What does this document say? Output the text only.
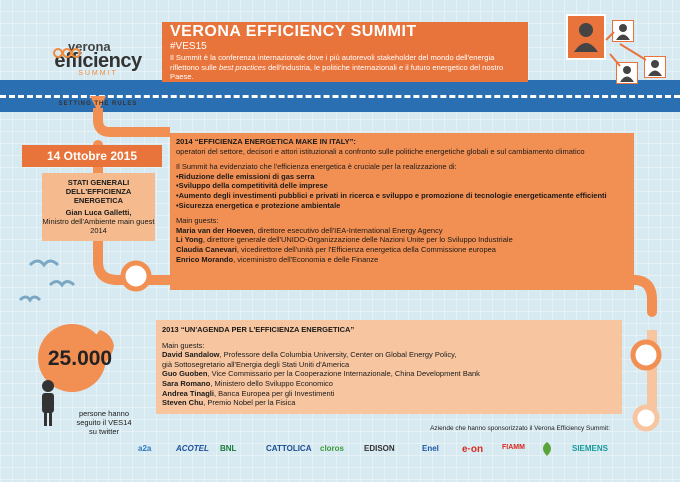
verona
efficiency
SUMMIT
SETTING THE RULES
VERONA EFFICIENCY SUMMIT
#VES15
Il Summit è la conferenza internazionale dove i più autorevoli stakeholder del mondo dell'energia riflettono sulle best practices dell'industria, le politiche internazionali e il futuro energetico del nostro Paese.
14 Ottobre 2015
STATI GENERALI DELL'EFFICIENZA ENERGETICA
Gian Luca Galletti,
Ministro dell'Ambiente main guest 2014
2014 “EFFICIENZA ENERGETICA MAKE IN ITALY”:
operatori del settore, decisori e attori istituzionali a confronto sulle politiche energetiche globali e sul cambiamento climatico
Il Summit ha evidenziato che l'efficienza energetica è cruciale per la realizzazione di:
•Riduzione delle emissioni di gas serra
•Sviluppo della competitività delle imprese
•Aumento degli investimenti pubblici e privati in ricerca e sviluppo e promozione di tecnologie energeticamente efficienti
•Sicurezza energetica e protezione ambientale
Main guests:
Maria van der Hoeven, direttore esecutivo dell'IEA-International Energy Agency
Li Yong, direttore generale dell'UNIDO-Organizzazione delle Nazioni Unite per lo Sviluppo Industriale
Claudia Canevari, vicedirettore dell'unità per l'Efficienza energetica della Commissione europea
Enrico Morando, viceministro dell'Economia e delle Finanze
2013 “UN'AGENDA PER L'EFFICIENZA ENERGETICA”
Main guests:
David Sandalow, Professore della Columbia University, Center on Global Energy Policy,
già Sottosegretario all'Energia degli Stati Uniti d'America
Guo Guoben, Vice Commissario per la Cooperazione Internazionale, China Development Bank
Sara Romano, Ministero dello Sviluppo Economico
Andrea Tinagli, Banca Europea per gli Investimenti
Steven Chu, Premio Nobel per la Fisica
25.000
persone hanno seguito il VES14 su twitter	Aziende che hanno sponsorizzato il Verona Efficiency Summit:
a2a	ACOTEL BNL	CATTOLICA cloros EDISON	Enel e·on	FIAMM	SIEMENS
